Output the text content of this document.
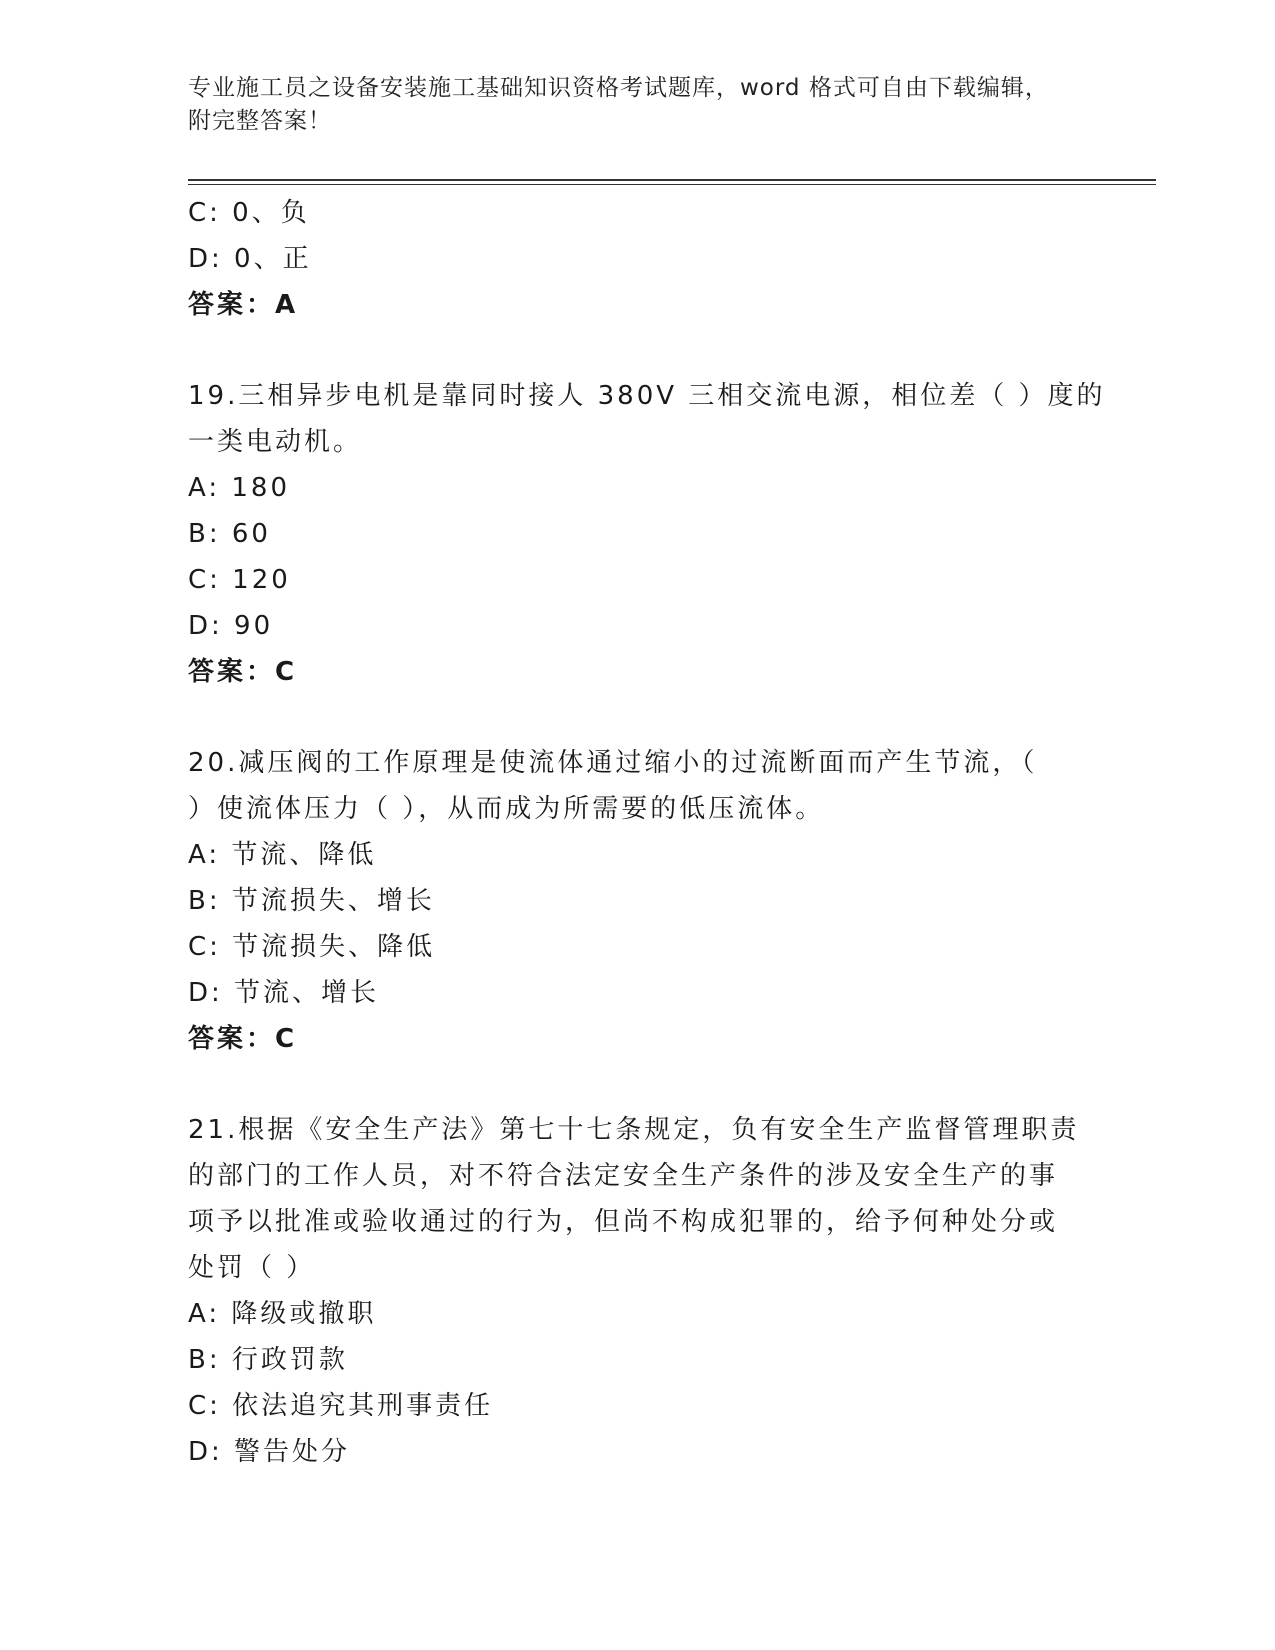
专业施工员之设备安装施工基础知识资格考试题库，word 格式可自由下载编辑，
附完整答案！
C: 0、负
D: 0、正
答案：A
19.三相异步电机是靠同时接人 380V 三相交流电源，相位差（ ）度的
一类电动机。
A: 180
B: 60
C: 120
D: 90
答案：C
20.减压阀的工作原理是使流体通过缩小的过流断面而产生节流，（
）使流体压力（ ），从而成为所需要的低压流体。
A: 节流、降低
B: 节流损失、增长
C: 节流损失、降低
D: 节流、增长
答案：C
21.根据《安全生产法》第七十七条规定，负有安全生产监督管理职责
的部门的工作人员，对不符合法定安全生产条件的涉及安全生产的事
项予以批准或验收通过的行为，但尚不构成犯罪的，给予何种处分或
处罚（ ）
A: 降级或撤职
B: 行政罚款
C: 依法追究其刑事责任
D: 警告处分
